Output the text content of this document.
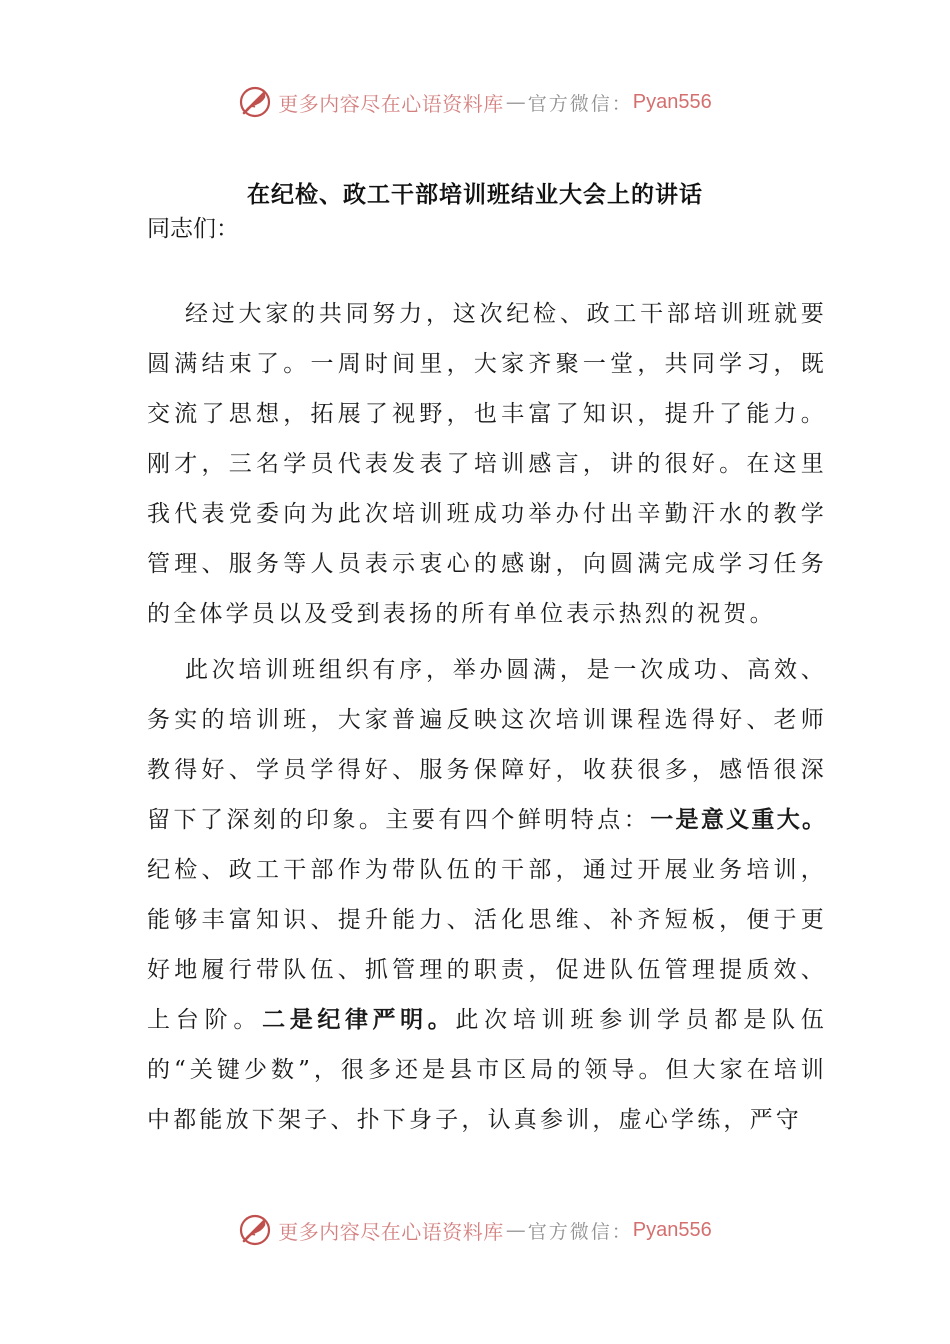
更多内容尽在心语资料库 — 官方微信： Pyan556
在纪检、政工干部培训班结业大会上的讲话
同志们：
经过大家的共同努力，这次纪检、政工干部培训班就要圆满结束了。一周时间里，大家齐聚一堂，共同学习，既交流了思想，拓展了视野，也丰富了知识，提升了能力。刚才，三名学员代表发表了培训感言，讲的很好。在这里我代表党委向为此次培训班成功举办付出辛勤汗水的教学管理、服务等人员表示衷心的感谢，向圆满完成学习任务的全体学员以及受到表扬的所有单位表示热烈的祝贺。
此次培训班组织有序，举办圆满，是一次成功、高效、务实的培训班，大家普遍反映这次培训课程选得好、老师教得好、学员学得好、服务保障好，收获很多，感悟很深留下了深刻的印象。主要有四个鲜明特点：一是意义重大。纪检、政工干部作为带队伍的干部，通过开展业务培训，能够丰富知识、提升能力、活化思维、补齐短板，便于更好地履行带队伍、抓管理的职责，促进队伍管理提质效、上台阶。二是纪律严明。此次培训班参训学员都是队伍的“关键少数”，很多还是县市区局的领导。但大家在培训中都能放下架子、扑下身子，认真参训，虚心学练，严守
更多内容尽在心语资料库 — 官方微信： Pyan556
